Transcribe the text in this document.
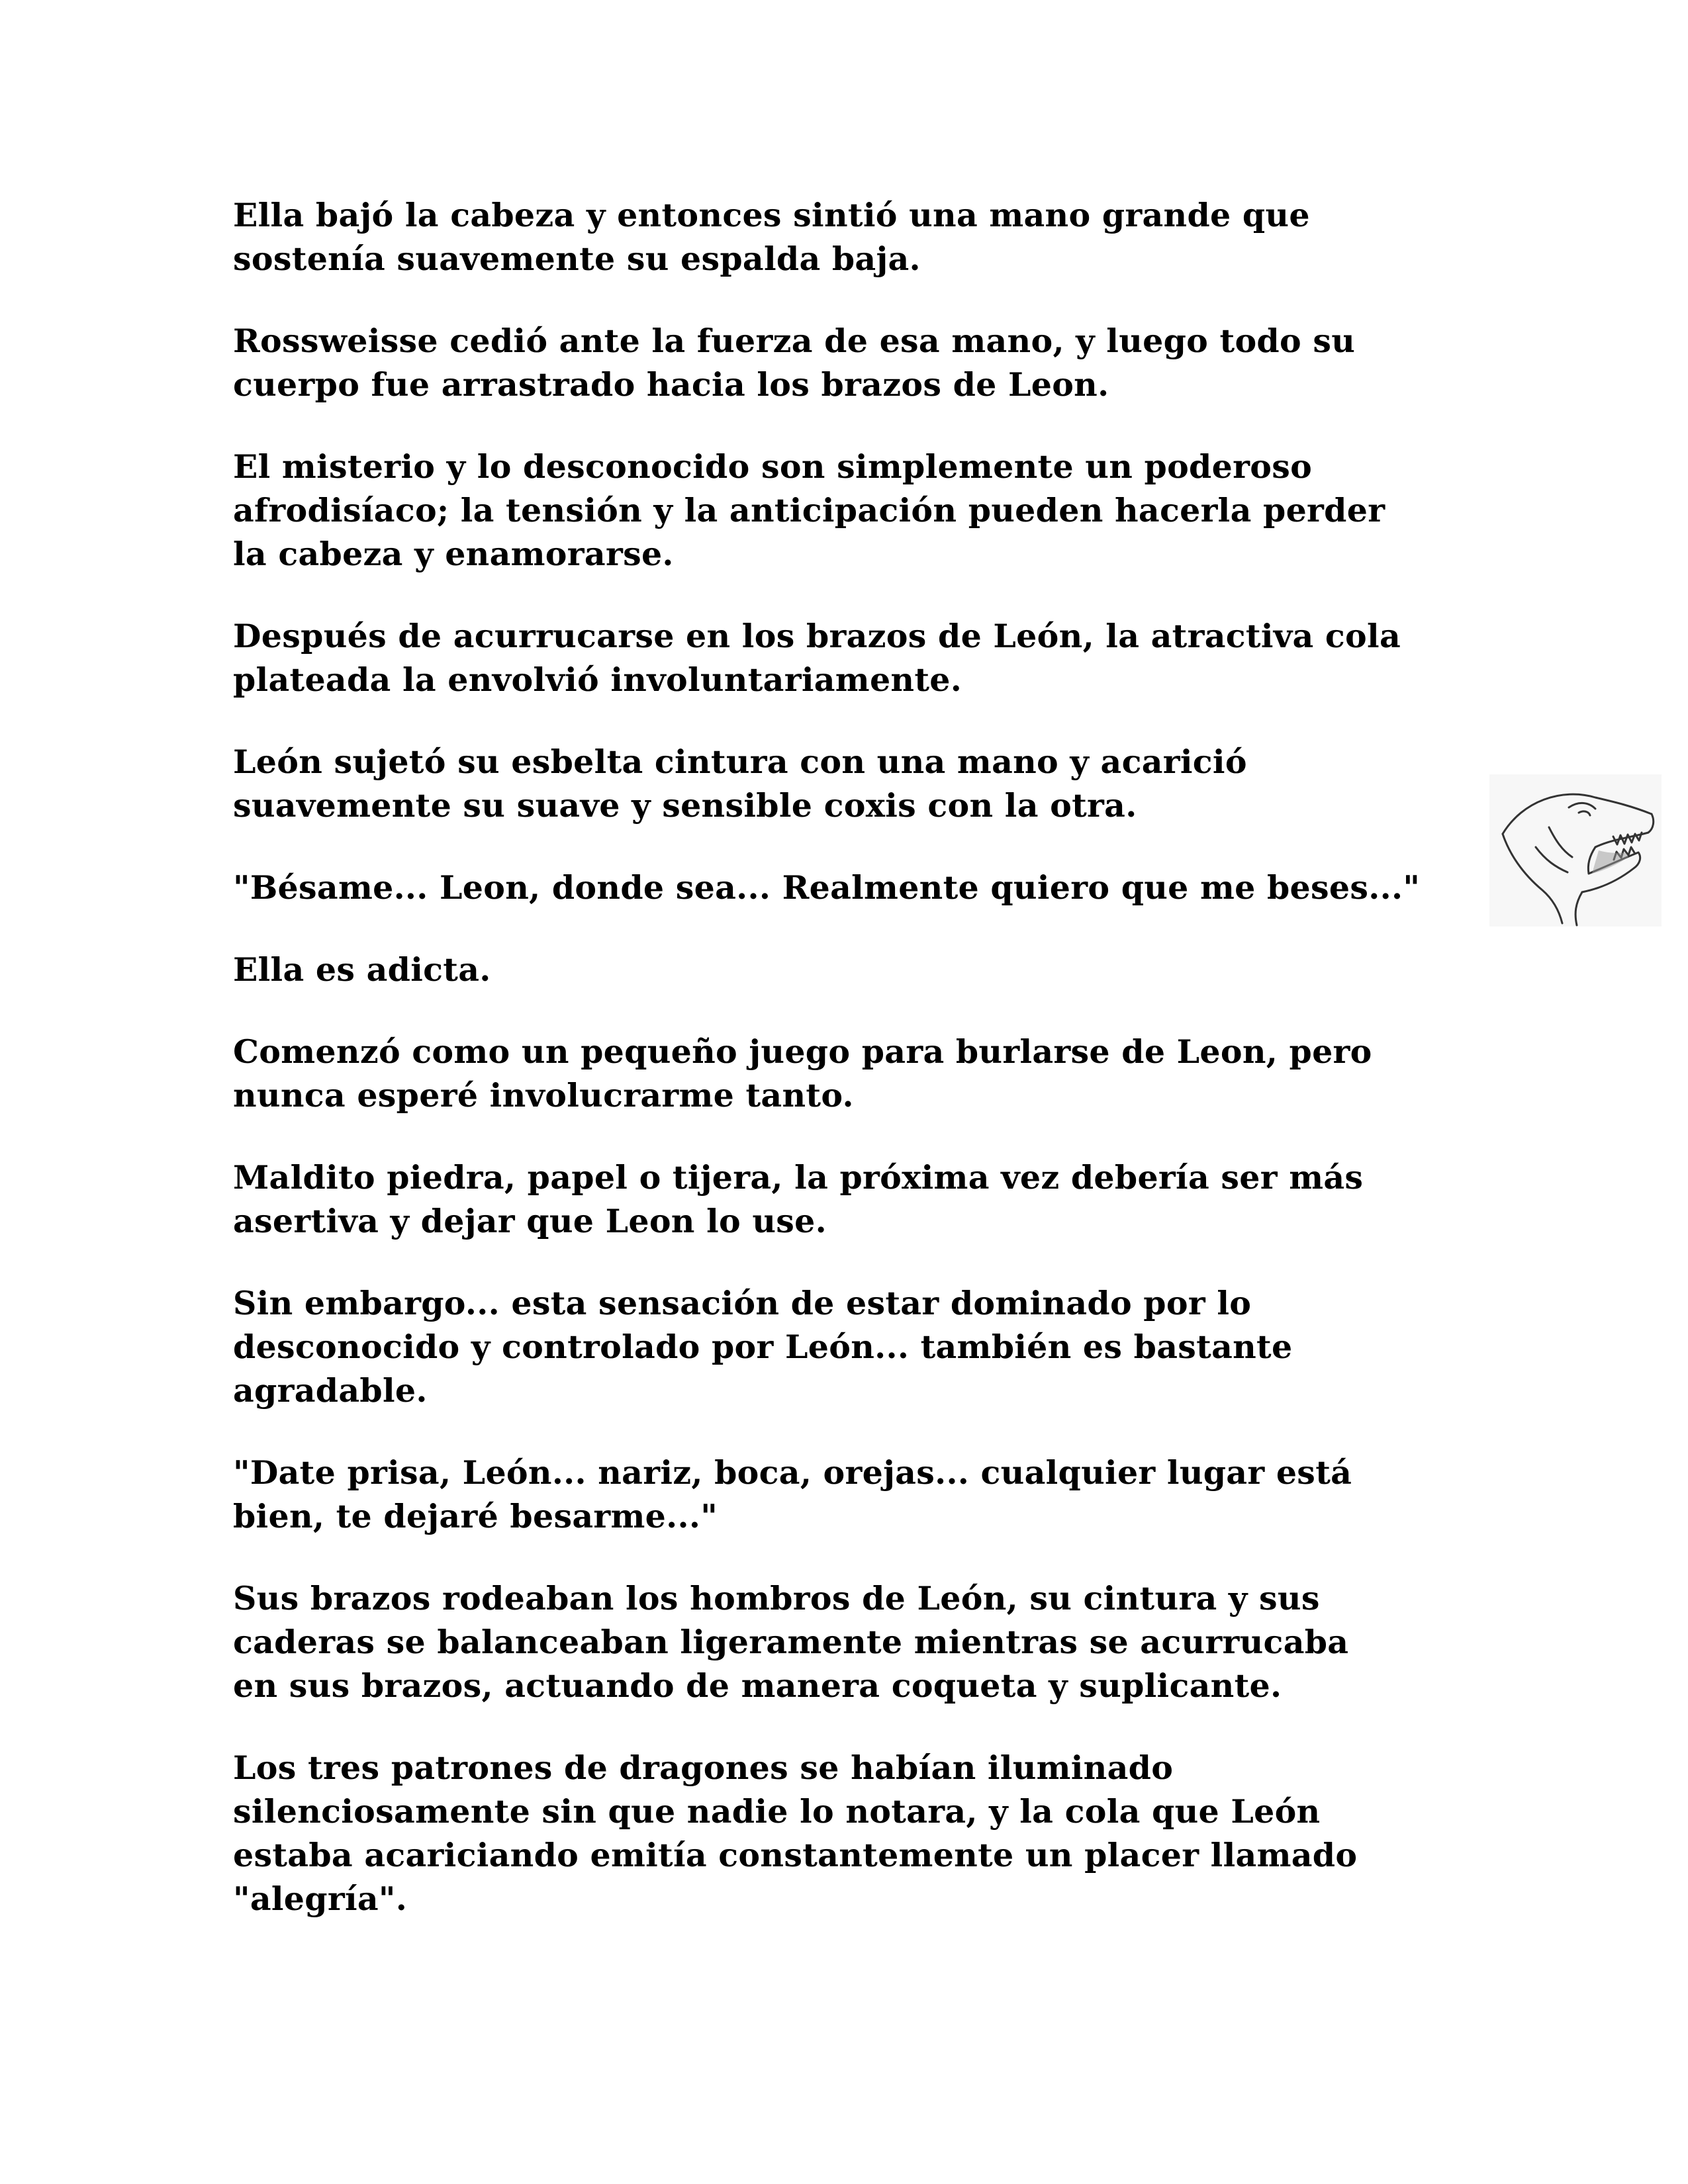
Ella bajó la cabeza y entonces sintió una mano grande que
sostenía suavemente su espalda baja.

Rossweisse cedió ante la fuerza de esa mano, y luego todo su
cuerpo fue arrastrado hacia los brazos de Leon.

El misterio y lo desconocido son simplemente un poderoso
afrodisíaco; la tensión y la anticipación pueden hacerla perder
la cabeza y enamorarse.

Después de acurrucarse en los brazos de León, la atractiva cola
plateada la envolvió involuntariamente.

León sujetó su esbelta cintura con una mano y acarició
suavemente su suave y sensible coxis con la otra.

"Bésame... Leon, donde sea... Realmente quiero que me beses..."

Ella es adicta.

Comenzó como un pequeño juego para burlarse de Leon, pero
nunca esperé involucrarme tanto.

Maldito piedra, papel o tijera, la próxima vez debería ser más
asertiva y dejar que Leon lo use.

Sin embargo... esta sensación de estar dominado por lo
desconocido y controlado por León... también es bastante
agradable.

"Date prisa, León... nariz, boca, orejas... cualquier lugar está
bien, te dejaré besarme..."

Sus brazos rodeaban los hombros de León, su cintura y sus
caderas se balanceaban ligeramente mientras se acurrucaba
en sus brazos, actuando de manera coqueta y suplicante.

Los tres patrones de dragones se habían iluminado
silenciosamente sin que nadie lo notara, y la cola que León
estaba acariciando emitía constantemente un placer llamado
"alegría".
